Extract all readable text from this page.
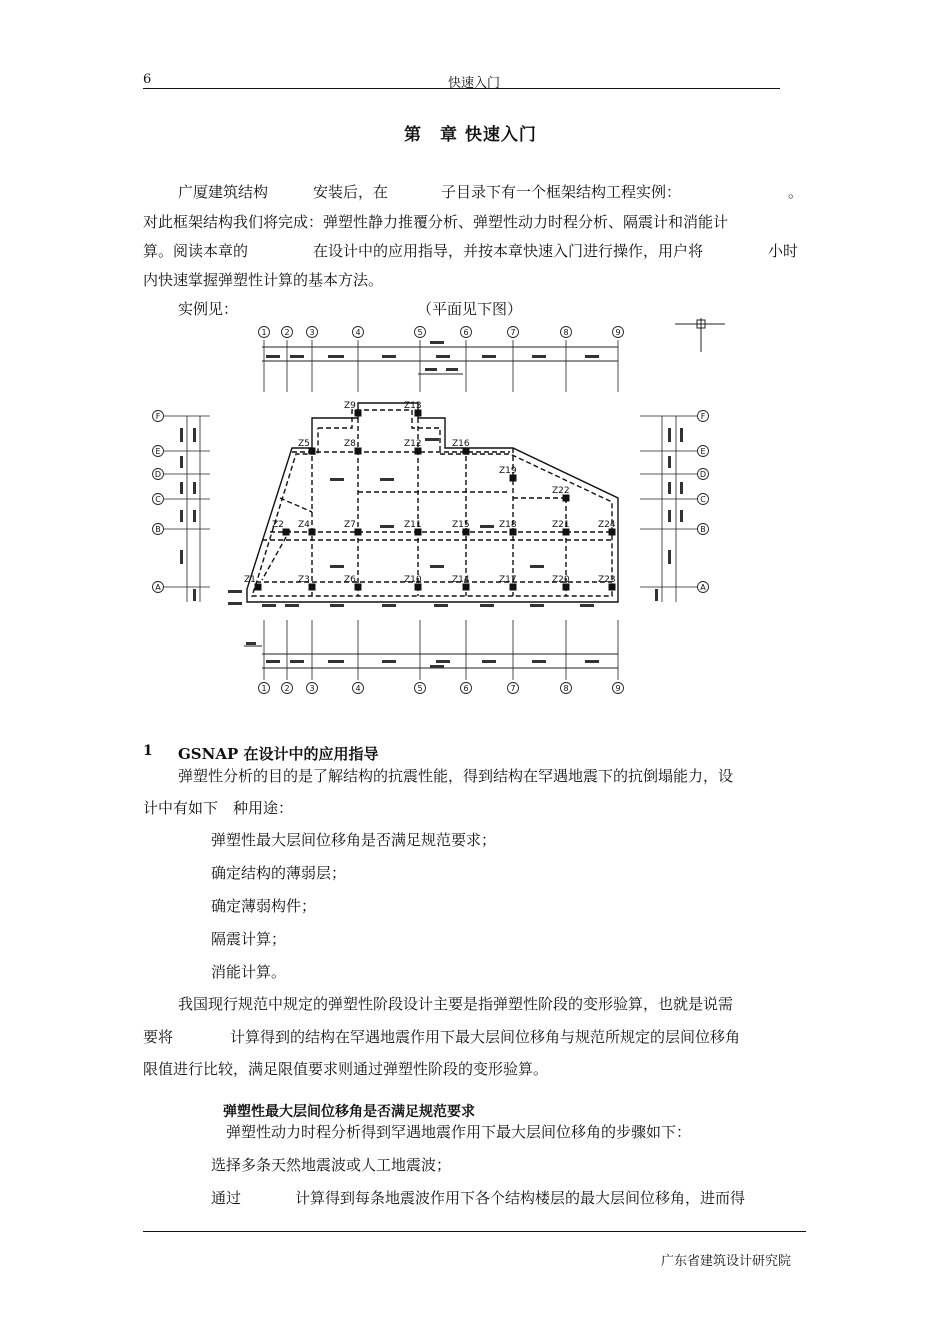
6	快速入门
第　章 快速入门
广厦建筑结构	安装后，在	子目录下有一个框架结构工程实例：	。
对此框架结构我们将完成：弹塑性静力推覆分析、弹塑性动力时程分析、隔震计和消能计
算。阅读本章的	在设计中的应用指导，并按本章快速入门进行操作，用户将	小时
内快速掌握弹塑性计算的基本方法。
实例见：	（平面见下图）
Z9	Z13
Z5	Z8	Z12	Z16
Z19
Z22
Z2 Z4	Z7	Z11	Z15	Z18	Z21	Z24
Z1	Z3	Z6	Z10	Z14	Z17	Z20	Z23
1
1
2
2
3
3
4
4
5
5
6
6
7
7
8
8
9
9
F	F
E	E
D	D
C	C
B	B
A	A
1 GSNAP 在设计中的应用指导
弹塑性分析的目的是了解结构的抗震性能，得到结构在罕遇地震下的抗倒塌能力，设
计中有如下　种用途：
弹塑性最大层间位移角是否满足规范要求；
确定结构的薄弱层；
确定薄弱构件；
隔震计算；
消能计算。
我国现行规范中规定的弹塑性阶段设计主要是指弹塑性阶段的变形验算，也就是说需
要将	计算得到的结构在罕遇地震作用下最大层间位移角与规范所规定的层间位移角
限值进行比较，满足限值要求则通过弹塑性阶段的变形验算。
弹塑性最大层间位移角是否满足规范要求
弹塑性动力时程分析得到罕遇地震作用下最大层间位移角的步骤如下：
选择多条天然地震波或人工地震波；
通过	计算得到每条地震波作用下各个结构楼层的最大层间位移角，进而得
广东省建筑设计研究院
